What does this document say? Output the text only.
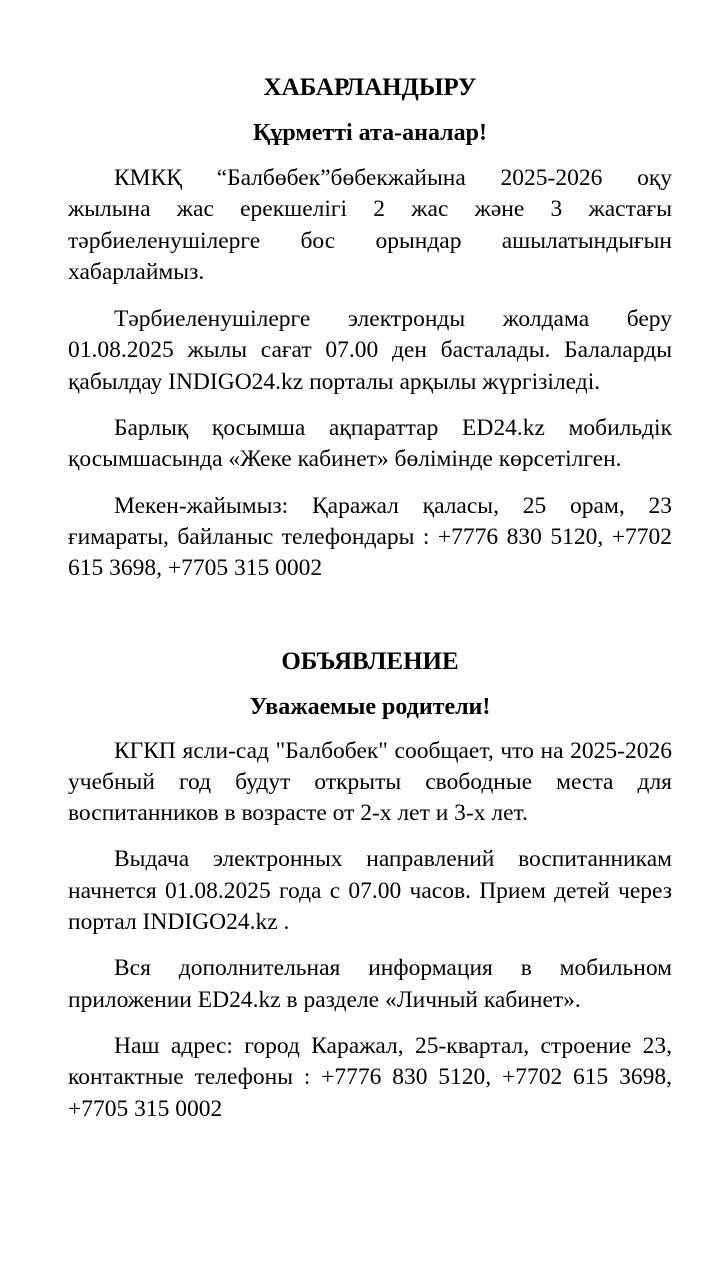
ХАБАРЛАНДЫРУ

Құрметті ата-аналар!

КМКҚ “Балбөбек”бөбекжайына 2025-2026 оқу жылына жас ерекшелігі 2 жас және 3 жастағы тәрбиеленушілерге бос орындар ашылатындығын хабарлаймыз.

Тәрбиеленушілерге электронды жолдама беру 01.08.2025 жылы сағат 07.00 ден басталады. Балаларды қабылдау INDIGO24.kz порталы арқылы жүргізіледі.

Барлық қосымша ақпараттар ED24.kz мобильдік қосымшасында «Жеке кабинет» бөлімінде көрсетілген.

Мекен-жайымыз: Қаражал қаласы, 25 орам, 23 ғимараты, байланыс телефондары : +7776 830 5120, +7702 615 3698, +7705 315 0002

ОБЪЯВЛЕНИЕ

Уважаемые родители!

КГКП ясли-сад "Балбобек" сообщает, что на 2025-2026 учебный год будут открыты свободные места для воспитанников в возрасте от 2-х лет и 3-х лет.

Выдача электронных направлений воспитанникам начнется 01.08.2025 года с 07.00 часов. Прием детей через портал INDIGO24.kz .

Вся дополнительная информация в мобильном приложении ED24.kz в разделе «Личный кабинет».

Наш адрес: город Каражал, 25-квартал, строение 23, контактные телефоны : +7776 830 5120, +7702 615 3698, +7705 315 0002
